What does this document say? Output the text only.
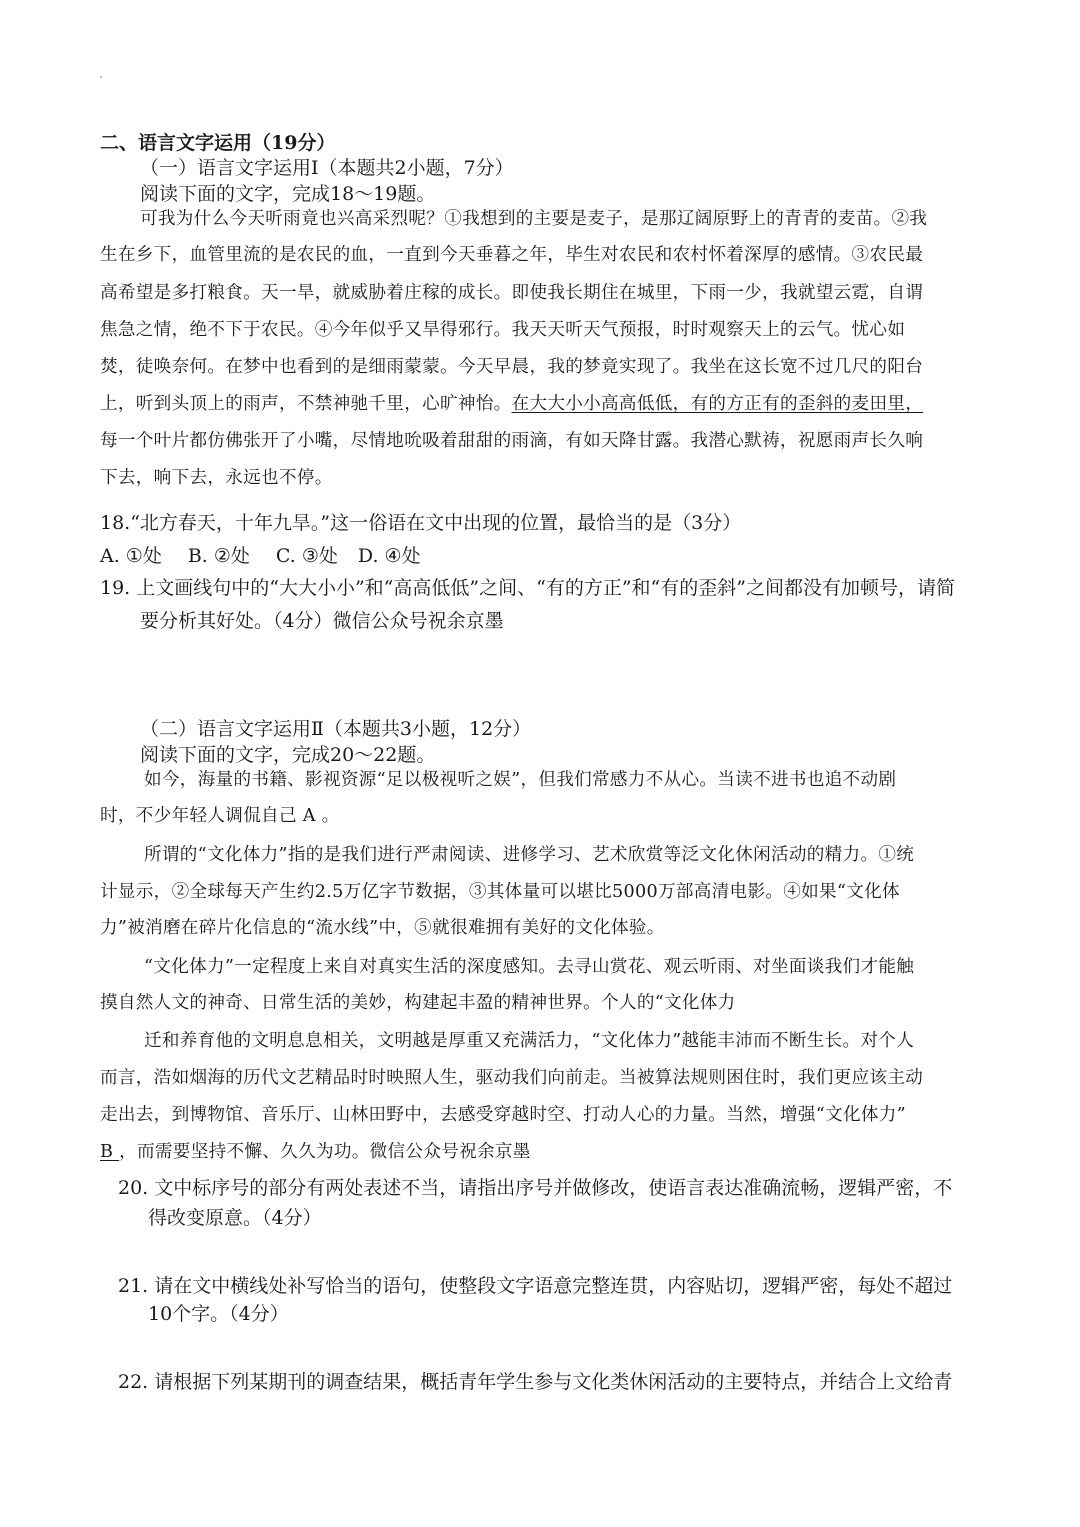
二、语言文字运用（19分）
（一）语言文字运用Ⅰ（本题共2小题，7分）
阅读下面的文字，完成18～19题。
可我为什么今天听雨竟也兴高采烈呢？①我想到的主要是麦子，是那辽阔原野上的青青的麦苗。②我
生在乡下，血管里流的是农民的血，一直到今天垂暮之年，毕生对农民和农村怀着深厚的感情。③农民最
高希望是多打粮食。天一旱，就威胁着庄稼的成长。即使我长期住在城里，下雨一少，我就望云霓，自谓
焦急之情，绝不下于农民。④今年似乎又旱得邪行。我天天听天气预报，时时观察天上的云气。忧心如
焚，徒唤奈何。在梦中也看到的是细雨蒙蒙。今天早晨，我的梦竟实现了。我坐在这长宽不过几尺的阳台
上，听到头顶上的雨声，不禁神驰千里，心旷神怡。在大大小小高高低低，有的方正有的歪斜的麦田里，
每一个叶片都仿佛张开了小嘴，尽情地吮吸着甜甜的雨滴，有如天降甘露。我潜心默祷，祝愿雨声长久响
下去，响下去，永远也不停。
18.“北方春天，十年九旱。”这一俗语在文中出现的位置，最恰当的是（3分）
A. ①处 B. ②处 C. ③处 D. ④处
19. 上文画线句中的“大大小小”和“高高低低”之间、“有的方正”和“有的歪斜”之间都没有加顿号，请简
要分析其好处。（4分）微信公众号祝余京墨
（二）语言文字运用Ⅱ（本题共3小题，12分）
阅读下面的文字，完成20～22题。
如今，海量的书籍、影视资源“足以极视听之娱”，但我们常感力不从心。当读不进书也追不动剧
时，不少年轻人调侃自己 A 。
所谓的“文化体力”指的是我们进行严肃阅读、进修学习、艺术欣赏等泛文化休闲活动的精力。①统
计显示，②全球每天产生约2.5万亿字节数据，③其体量可以堪比5000万部高清电影。④如果“文化体
力”被消磨在碎片化信息的“流水线”中，⑤就很难拥有美好的文化体验。
“文化体力”一定程度上来自对真实生活的深度感知。去寻山赏花、观云听雨、对坐面谈我们才能触
摸自然人文的神奇、日常生活的美妙，构建起丰盈的精神世界。个人的“文化体力
迁和养育他的文明息息相关，文明越是厚重又充满活力，“文化体力”越能丰沛而不断生长。对个人
而言，浩如烟海的历代文艺精品时时映照人生，驱动我们向前走。当被算法规则困住时，我们更应该主动
走出去，到博物馆、音乐厅、山林田野中，去感受穿越时空、打动人心的力量。当然，增强“文化体力”
B ，而需要坚持不懈、久久为功。微信公众号祝余京墨
20. 文中标序号的部分有两处表述不当，请指出序号并做修改，使语言表达准确流畅，逻辑严密，不
得改变原意。（4分）
21. 请在文中横线处补写恰当的语句，使整段文字语意完整连贯，内容贴切，逻辑严密，每处不超过
10个字。（4分）
22. 请根据下列某期刊的调查结果，概括青年学生参与文化类休闲活动的主要特点，并结合上文给青
